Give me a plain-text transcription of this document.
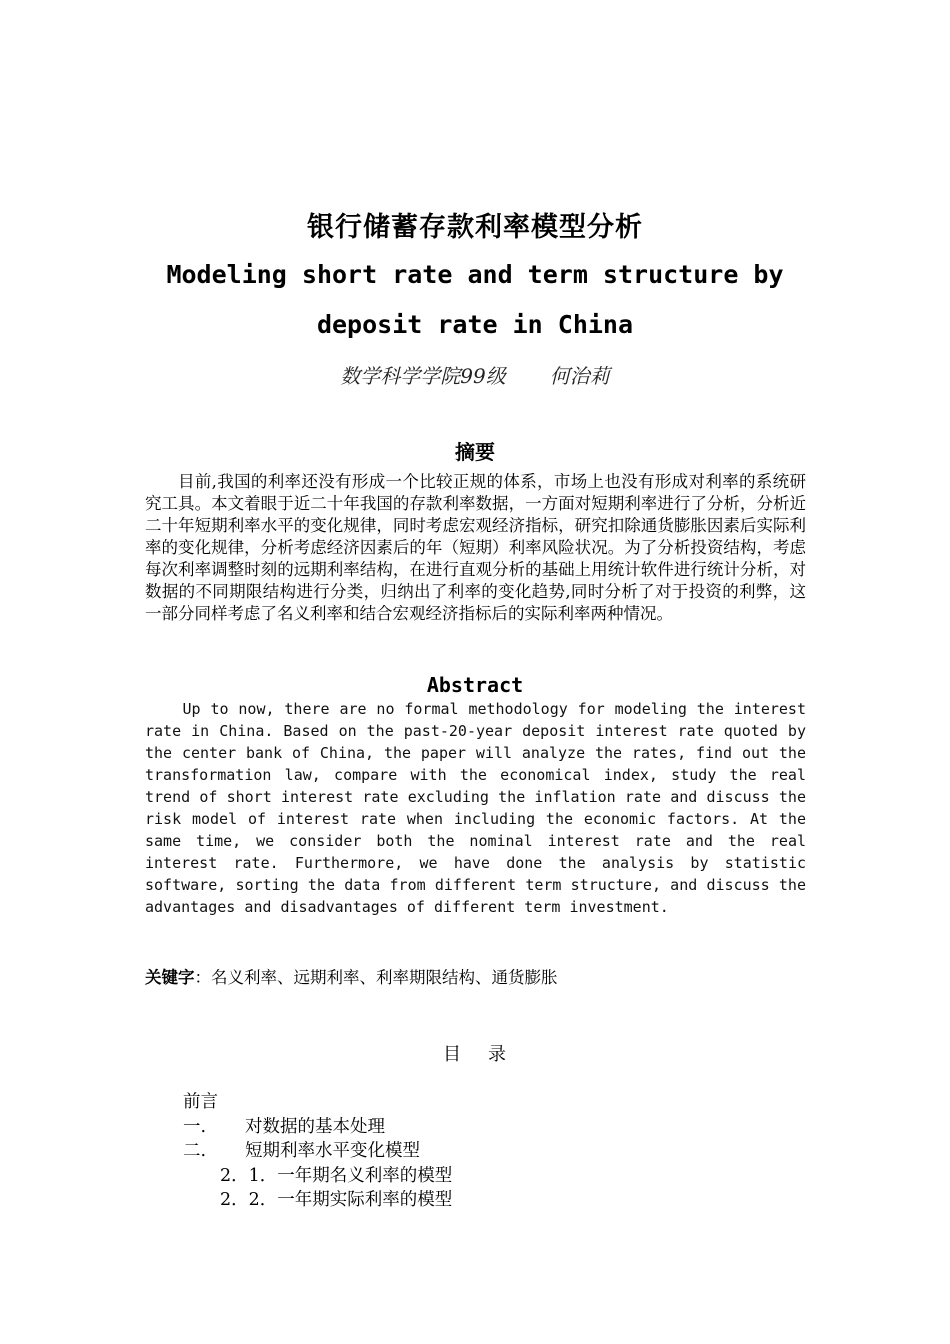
银行储蓄存款利率模型分析
Modeling short rate and term structure by
deposit rate in China
数学科学学院99级 何治莉
摘要

目前,我国的利率还没有形成一个比较正规的体系，市场上也没有形成对利率的系统研究工具。本文着眼于近二十年我国的存款利率数据，一方面对短期利率进行了分析，分析近二十年短期利率水平的变化规律，同时考虑宏观经济指标，研究扣除通货膨胀因素后实际利率的变化规律，分析考虑经济因素后的年（短期）利率风险状况。为了分析投资结构，考虑每次利率调整时刻的远期利率结构，在进行直观分析的基础上用统计软件进行统计分析，对数据的不同期限结构进行分类，归纳出了利率的变化趋势,同时分析了对于投资的利弊，这一部分同样考虑了名义利率和结合宏观经济指标后的实际利率两种情况。

Abstract

Up to now, there are no formal methodology for modeling the interest rate in China. Based on the past-20-year deposit interest rate quoted by the center bank of China, the paper will analyze the rates, find out the transformation law, compare with the economical index, study the real trend of short interest rate excluding the inflation rate and discuss the risk model of interest rate when including the economic factors. At the same time, we consider both the nominal interest rate and the real interest rate. Furthermore, we have done the analysis by statistic software, sorting the data from different term structure, and discuss the advantages and disadvantages of different term investment.

关键字：名义利率、远期利率、利率期限结构、通货膨胀
目 录
前言
一. 对数据的基本处理
二. 短期利率水平变化模型
2．1．一年期名义利率的模型
2．2．一年期实际利率的模型
